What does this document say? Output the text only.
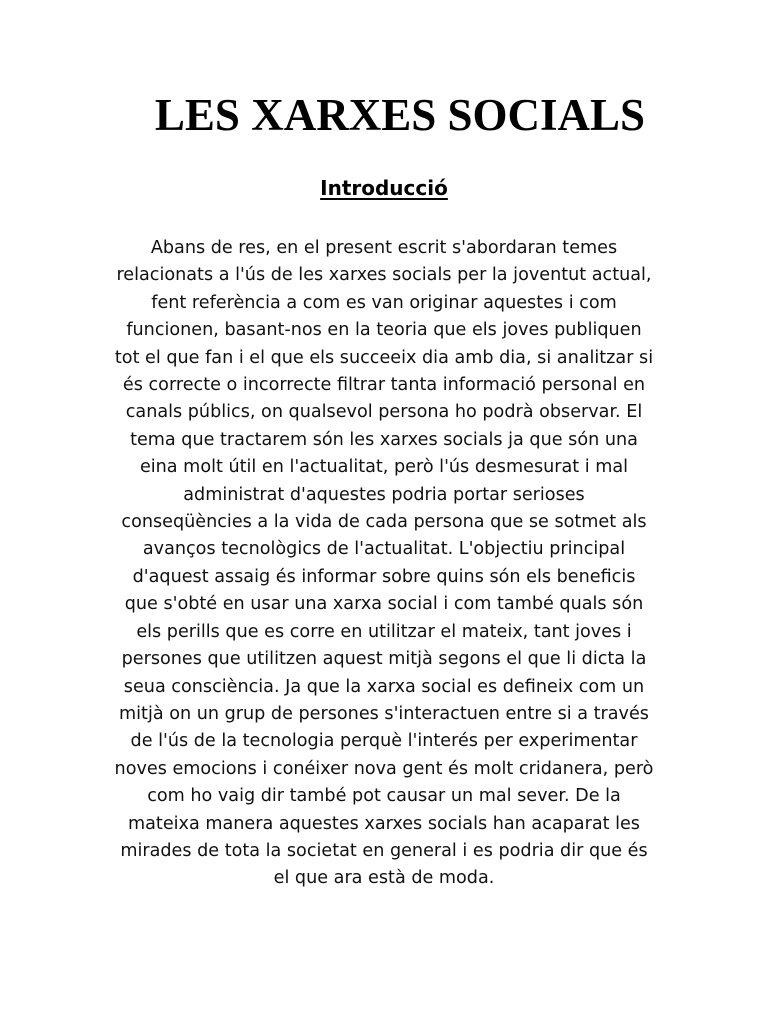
LES XARXES SOCIALS
Introducció

Abans de res, en el present escrit s'abordaran temes
relacionats a l'ús de les xarxes socials per la joventut actual,
fent referència a com es van originar aquestes i com
funcionen, basant-nos en la teoria que els joves publiquen
tot el que fan i el que els succeeix dia amb dia, si analitzar si
és correcte o incorrecte filtrar tanta informació personal en
canals públics, on qualsevol persona ho podrà observar. El
tema que tractarem són les xarxes socials ja que són una
eina molt útil en l'actualitat, però l'ús desmesurat i mal
administrat d'aquestes podria portar serioses
conseqüències a la vida de cada persona que se sotmet als
avanços tecnològics de l'actualitat. L'objectiu principal
d'aquest assaig és informar sobre quins són els beneficis
que s'obté en usar una xarxa social i com també quals són
els perills que es corre en utilitzar el mateix, tant joves i
persones que utilitzen aquest mitjà segons el que li dicta la
seua consciència. Ja que la xarxa social es defineix com un
mitjà on un grup de persones s'interactuen entre si a través
de l'ús de la tecnologia perquè l'interés per experimentar
noves emocions i conéixer nova gent és molt cridanera, però
com ho vaig dir també pot causar un mal sever. De la
mateixa manera aquestes xarxes socials han acaparat les
mirades de tota la societat en general i es podria dir que és
el que ara està de moda.
